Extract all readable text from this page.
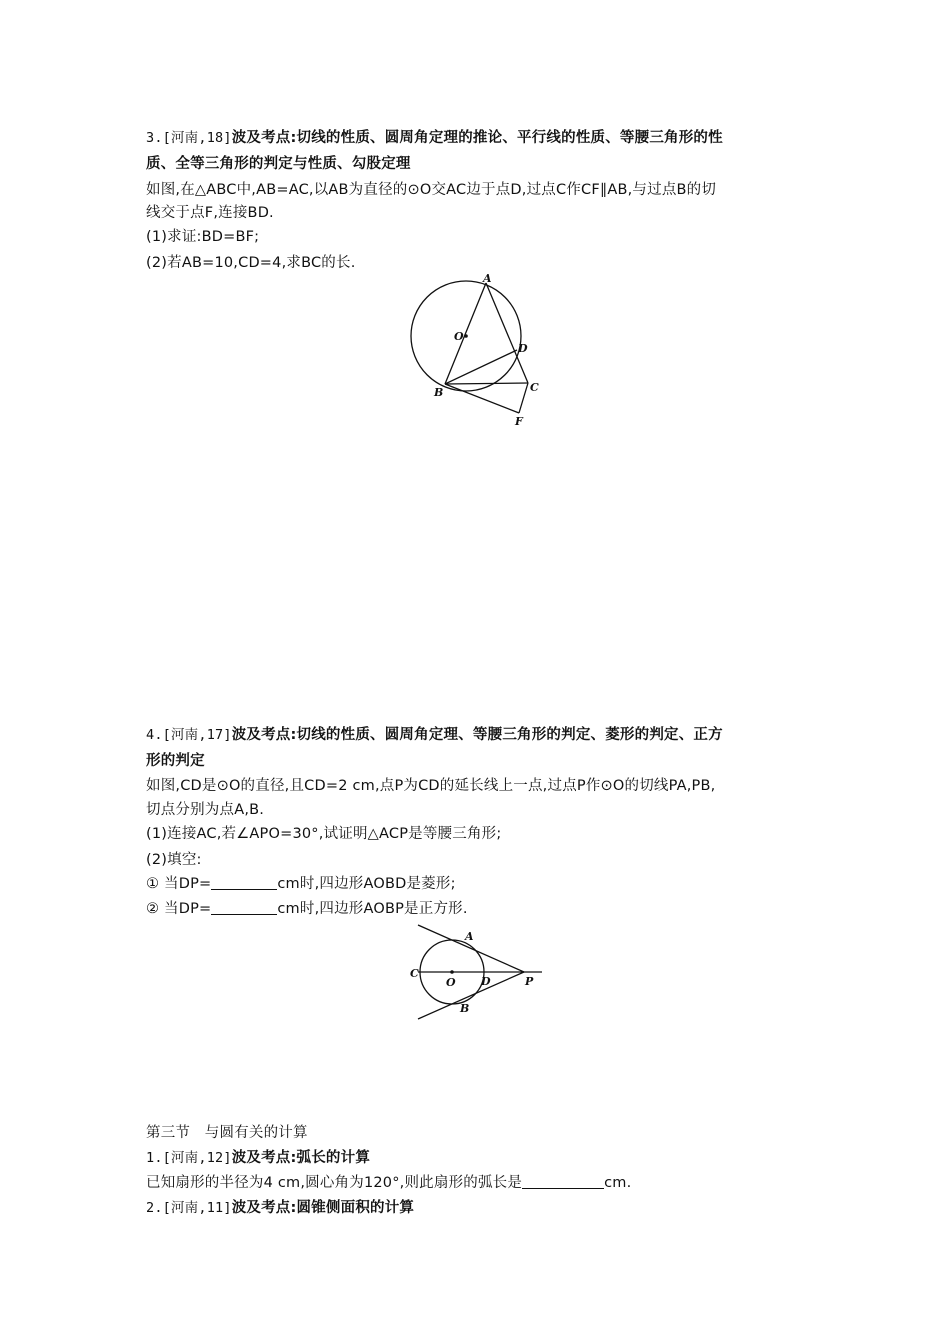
3.[河南,18]波及考点:切线的性质、圆周角定理的推论、平行线的性质、等腰三角形的性
质、全等三角形的判定与性质、勾股定理
如图,在△ABC中,AB=AC,以AB为直径的⊙O交AC边于点D,过点C作CF∥AB,与过点B的切
线交于点F,连接BD.
(1)求证:BD=BF;
(2)若AB=10,CD=4,求BC的长.
A
O
D
B	C
F
4.[河南,17]波及考点:切线的性质、圆周角定理、等腰三角形的判定、菱形的判定、正方
形的判定
如图,CD是⊙O的直径,且CD=2 cm,点P为CD的延长线上一点,过点P作⊙O的切线PA,PB,
切点分别为点A,B.
(1)连接AC,若∠APO=30°,试证明△ACP是等腰三角形;
(2)填空:
① 当DP=	cm时,四边形AOBD是菱形;
② 当DP=	cm时,四边形AOBP是正方形.
A
C
O D	P
B
第三节　与圆有关的计算
1.[河南,12]波及考点:弧长的计算
已知扇形的半径为4 cm,圆心角为120°,则此扇形的弧长是	cm.
2.[河南,11]波及考点:圆锥侧面积的计算
